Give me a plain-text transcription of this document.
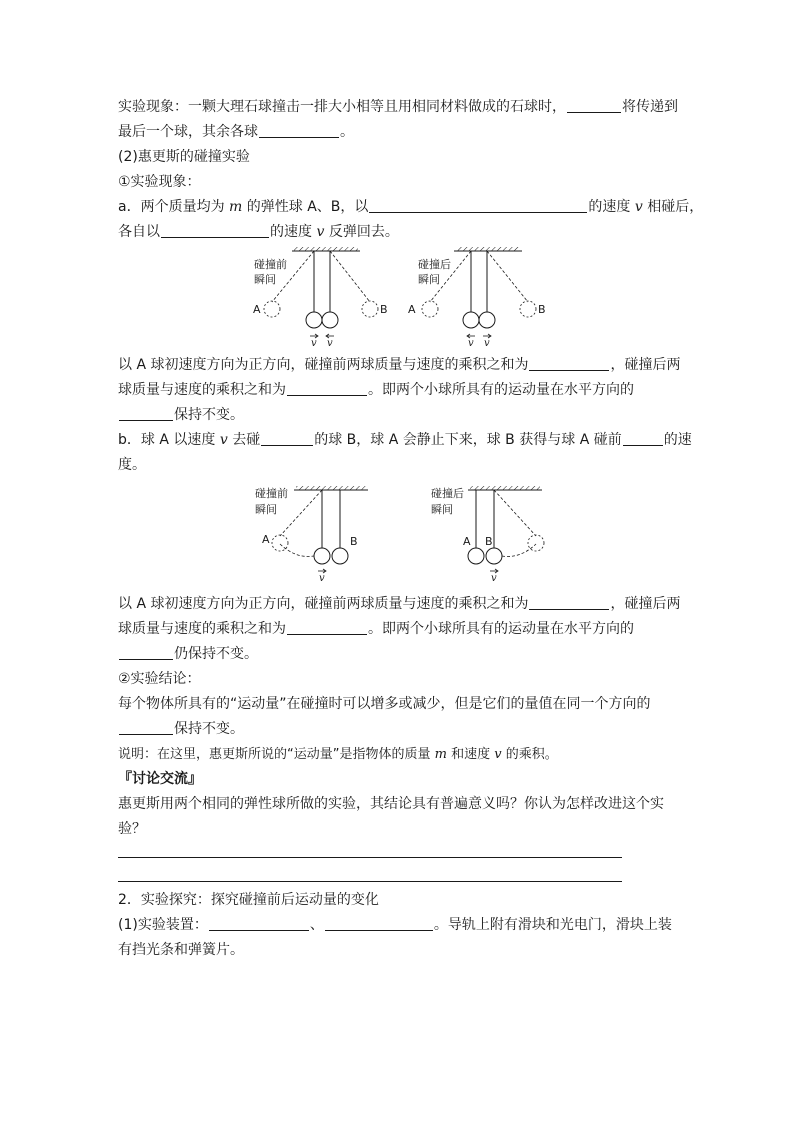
实验现象：一颗大理石球撞击一排大小相等且用相同材料做成的石球时，	将传递到
最后一个球，其余各球	。
(2)惠更斯的碰撞实验
①实验现象：
a．两个质量均为 m 的弹性球 A、B，以	的速度 v 相碰后，
各自以	的速度 v 反弹回去。
碰撞前
瞬间
A	B
v v
碰撞后
瞬间
A	B
v v
以 A 球初速度方向为正方向，碰撞前两球质量与速度的乘积之和为	，碰撞后两
球质量与速度的乘积之和为	。即两个小球所具有的运动量在水平方向的
保持不变。
b．球 A 以速度 v 去碰	的球 B，球 A 会静止下来，球 B 获得与球 A 碰前	的速
度。
碰撞前
瞬间
A	B
v
碰撞后
瞬间
A B
v
以 A 球初速度方向为正方向，碰撞前两球质量与速度的乘积之和为	，碰撞后两
球质量与速度的乘积之和为	。即两个小球所具有的运动量在水平方向的
仍保持不变。
②实验结论：
每个物体所具有的“运动量”在碰撞时可以增多或减少，但是它们的量值在同一个方向的
保持不变。
说明：在这里，惠更斯所说的“运动量”是指物体的质量 m 和速度 v 的乘积。
『讨论交流』
惠更斯用两个相同的弹性球所做的实验，其结论具有普遍意义吗？你认为怎样改进这个实
验？
2．实验探究：探究碰撞前后运动量的变化
(1)实验装置：	、	。导轨上附有滑块和光电门，滑块上装
有挡光条和弹簧片。
